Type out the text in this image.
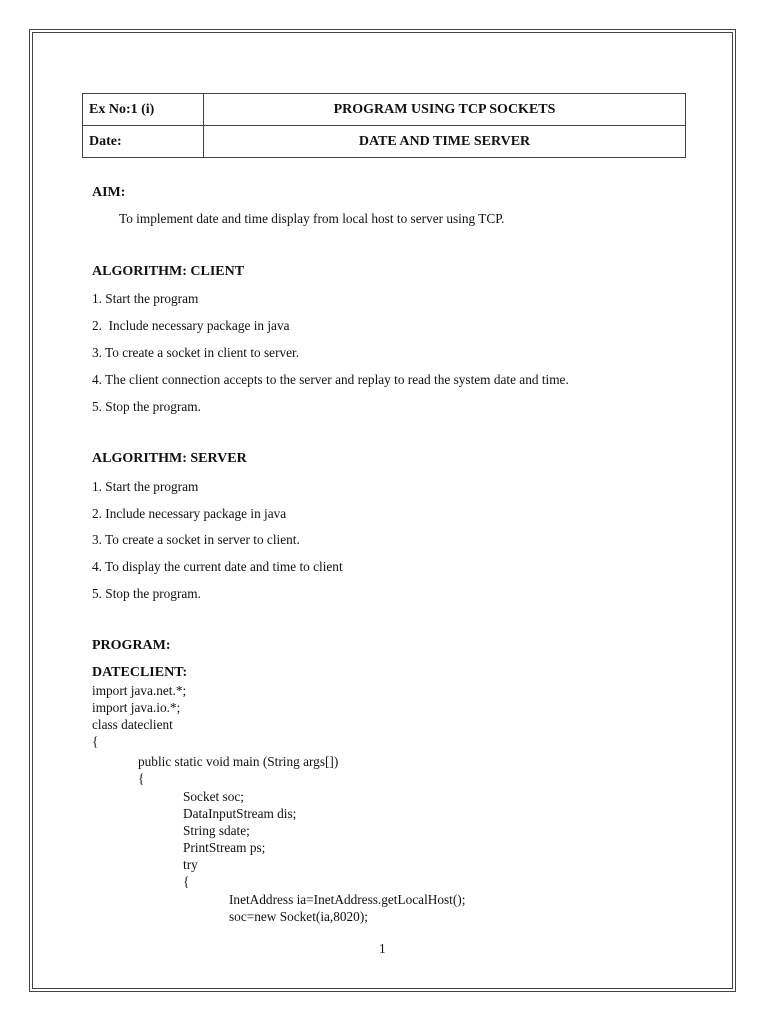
Ex No:1 (i)	PROGRAM USING TCP SOCKETS
Date:	DATE AND TIME SERVER
AIM:
To implement date and time display from local host to server using TCP.
ALGORITHM: CLIENT
1. Start the program
2.  Include necessary package in java
3. To create a socket in client to server.
4. The client connection accepts to the server and replay to read the system date and time.
5. Stop the program.
ALGORITHM: SERVER
1. Start the program
2. Include necessary package in java
3. To create a socket in server to client.
4. To display the current date and time to client
5. Stop the program.
PROGRAM:
DATECLIENT:
import java.net.*;
import java.io.*;
class dateclient
{
public static void main (String args[])
{
Socket soc;
DataInputStream dis;
String sdate;
PrintStream ps;
try
{
InetAddress ia=InetAddress.getLocalHost();
soc=new Socket(ia,8020);
1
